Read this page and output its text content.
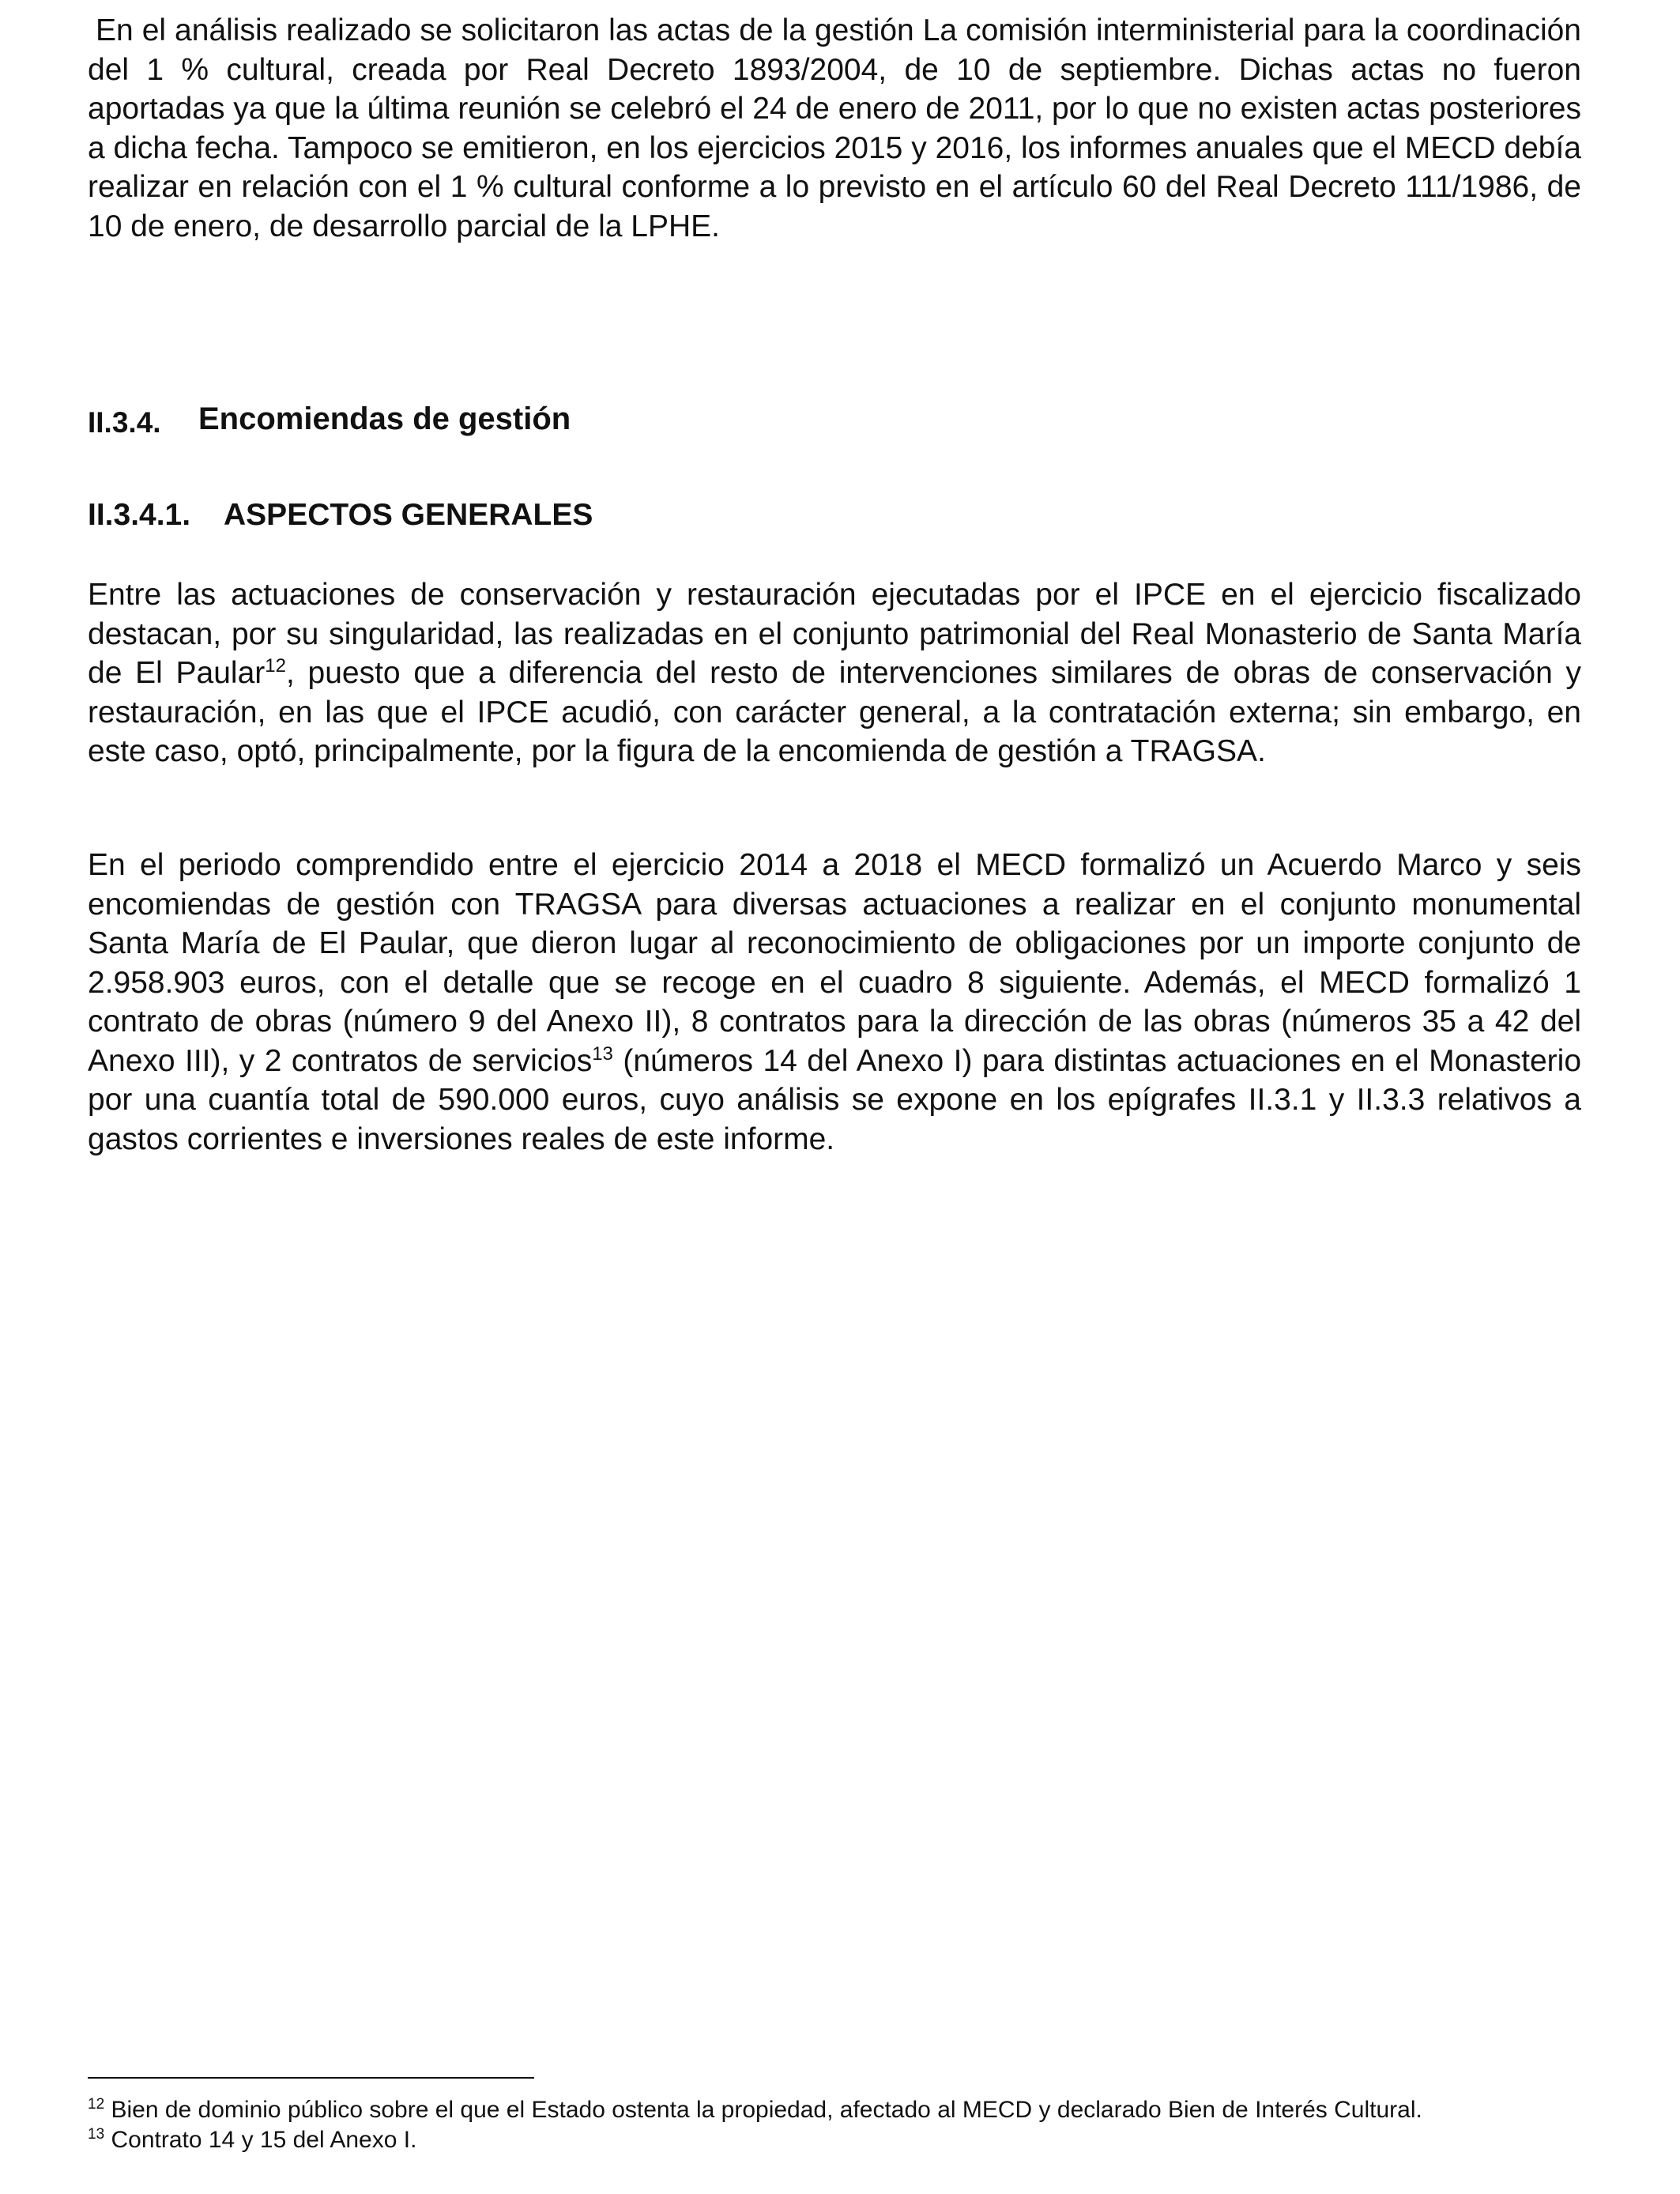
En el análisis realizado se solicitaron las actas de la gestión La comisión interministerial para la coordinación del 1 % cultural, creada por Real Decreto 1893/2004, de 10 de septiembre. Dichas actas no fueron aportadas ya que la última reunión se celebró el 24 de enero de 2011, por lo que no existen actas posteriores a dicha fecha. Tampoco se emitieron, en los ejercicios 2015 y 2016, los informes anuales que el MECD debía realizar en relación con el 1 % cultural conforme a lo previsto en el artículo 60 del Real Decreto 111/1986, de 10 de enero, de desarrollo parcial de la LPHE.

II.3.4. Encomiendas de gestión
II.3.4.1. ASPECTOS GENERALES

Entre las actuaciones de conservación y restauración ejecutadas por el IPCE en el ejercicio fiscalizado destacan, por su singularidad, las realizadas en el conjunto patrimonial del Real Monasterio de Santa María de El Paular$^{12}$, puesto que a diferencia del resto de intervenciones similares de obras de conservación y restauración, en las que el IPCE acudió, con carácter general, a la contratación externa; sin embargo, en este caso, optó, principalmente, por la figura de la encomienda de gestión a TRAGSA.

En el periodo comprendido entre el ejercicio 2014 a 2018 el MECD formalizó un Acuerdo Marco y seis encomiendas de gestión con TRAGSA para diversas actuaciones a realizar en el conjunto monumental Santa María de El Paular, que dieron lugar al reconocimiento de obligaciones por un importe conjunto de 2.958.903 euros, con el detalle que se recoge en el cuadro 8 siguiente. Además, el MECD formalizó 1 contrato de obras (número 9 del Anexo II), 8 contratos para la dirección de las obras (números 35 a 42 del Anexo III), y 2 contratos de servicios$^{13}$ (números 14 del Anexo I) para distintas actuaciones en el Monasterio por una cuantía total de 590.000 euros, cuyo análisis se expone en los epígrafes II.3.1 y II.3.3 relativos a gastos corrientes e inversiones reales de este informe.

$^{12}$ Bien de dominio público sobre el que el Estado ostenta la propiedad, afectado al MECD y declarado Bien de Interés Cultural.

$^{13}$ Contrato 14 y 15 del Anexo I.
